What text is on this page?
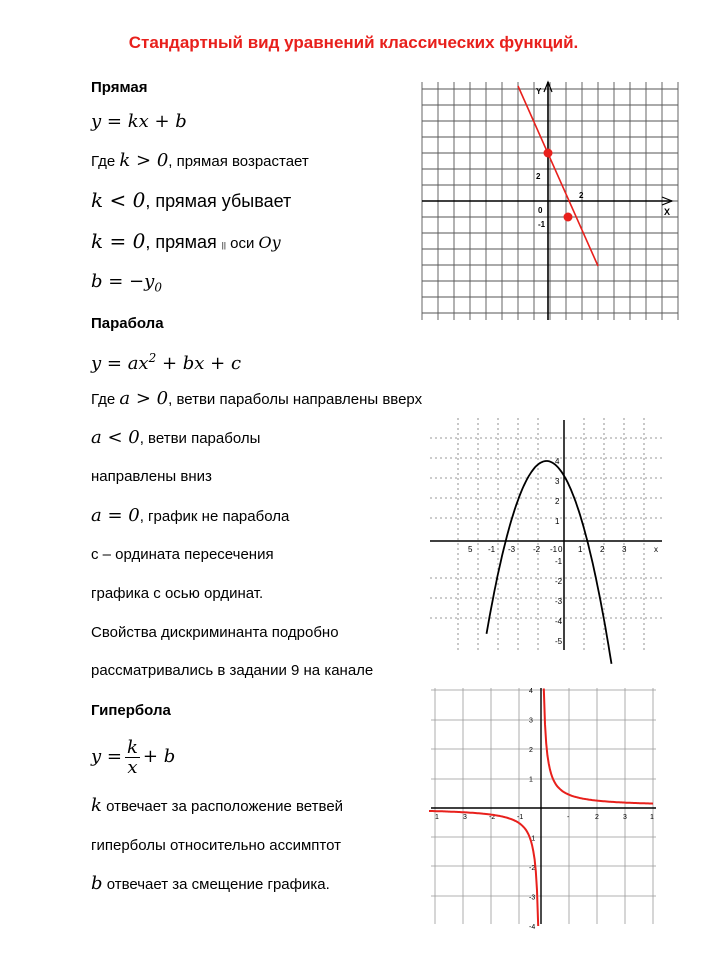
Стандартный вид уравнений классических функций.
Прямая
y = kx + b
Где k > 0, прямая возрастает
k < 0, прямая убывает
k = 0, прямая || оси Oy
$b = -y_0$
Парабола
$y = ax^2$ + bx + c
Где a > 0, ветви параболы направлены вверх
a < 0, ветви параболы
направлены вниз
a = 0, график не парабола
с – ордината пересечения
графика с осью ординат.
Свойства дискриминанта подробно
рассматривались в задании 9 на канале
Гипербола
$y = \frac{k}{x} + b$
k отвечает за расположение ветвей
гиперболы относительно ассимптот
b отвечает за смещение графика.
Y
X
2
2
0
-1
5 -1 -3 -2 -1 0 1 2 3	x
4
3
2
1
-1
-2
-3
-4
-5
1	3	-2	-1	-	2	3	1
4
3
2
1
-1
-2
-3
-4
